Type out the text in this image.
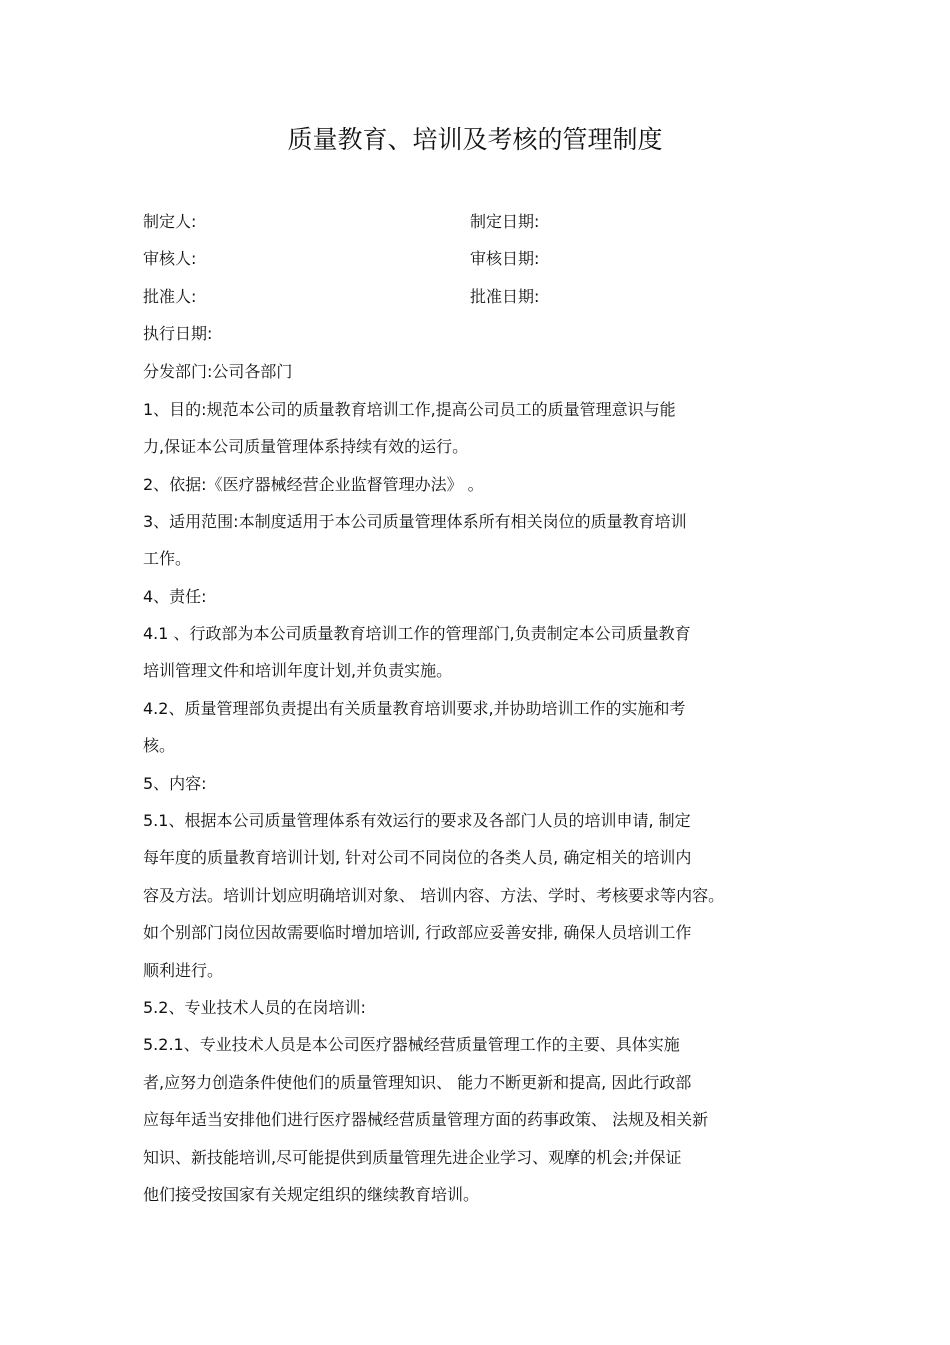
质量教育、培训及考核的管理制度
制定人:	制定日期:
审核人:	审核日期:
批准人:	批准日期:
执行日期:
分发部门:公司各部门
1、目的:规范本公司的质量教育培训工作,提高公司员工的质量管理意识与能
力,保证本公司质量管理体系持续有效的运行。
2、依据:《医疗器械经营企业监督管理办法》 。
3、适用范围:本制度适用于本公司质量管理体系所有相关岗位的质量教育培训
工作。
4、责任:
4.1 、行政部为本公司质量教育培训工作的管理部门,负责制定本公司质量教育
培训管理文件和培训年度计划,并负责实施。
4.2、质量管理部负责提出有关质量教育培训要求,并协助培训工作的实施和考
核。
5、内容:
5.1、根据本公司质量管理体系有效运行的要求及各部门人员的培训申请, 制定
每年度的质量教育培训计划, 针对公司不同岗位的各类人员, 确定相关的培训内
容及方法。培训计划应明确培训对象、 培训内容、方法、学时、考核要求等内容。
如个别部门岗位因故需要临时增加培训, 行政部应妥善安排, 确保人员培训工作
顺利进行。
5.2、专业技术人员的在岗培训:
5.2.1、专业技术人员是本公司医疗器械经营质量管理工作的主要、具体实施
者,应努力创造条件使他们的质量管理知识、 能力不断更新和提高, 因此行政部
应每年适当安排他们进行医疗器械经营质量管理方面的药事政策、 法规及相关新
知识、新技能培训,尽可能提供到质量管理先进企业学习、观摩的机会;并保证
他们接受按国家有关规定组织的继续教育培训。
